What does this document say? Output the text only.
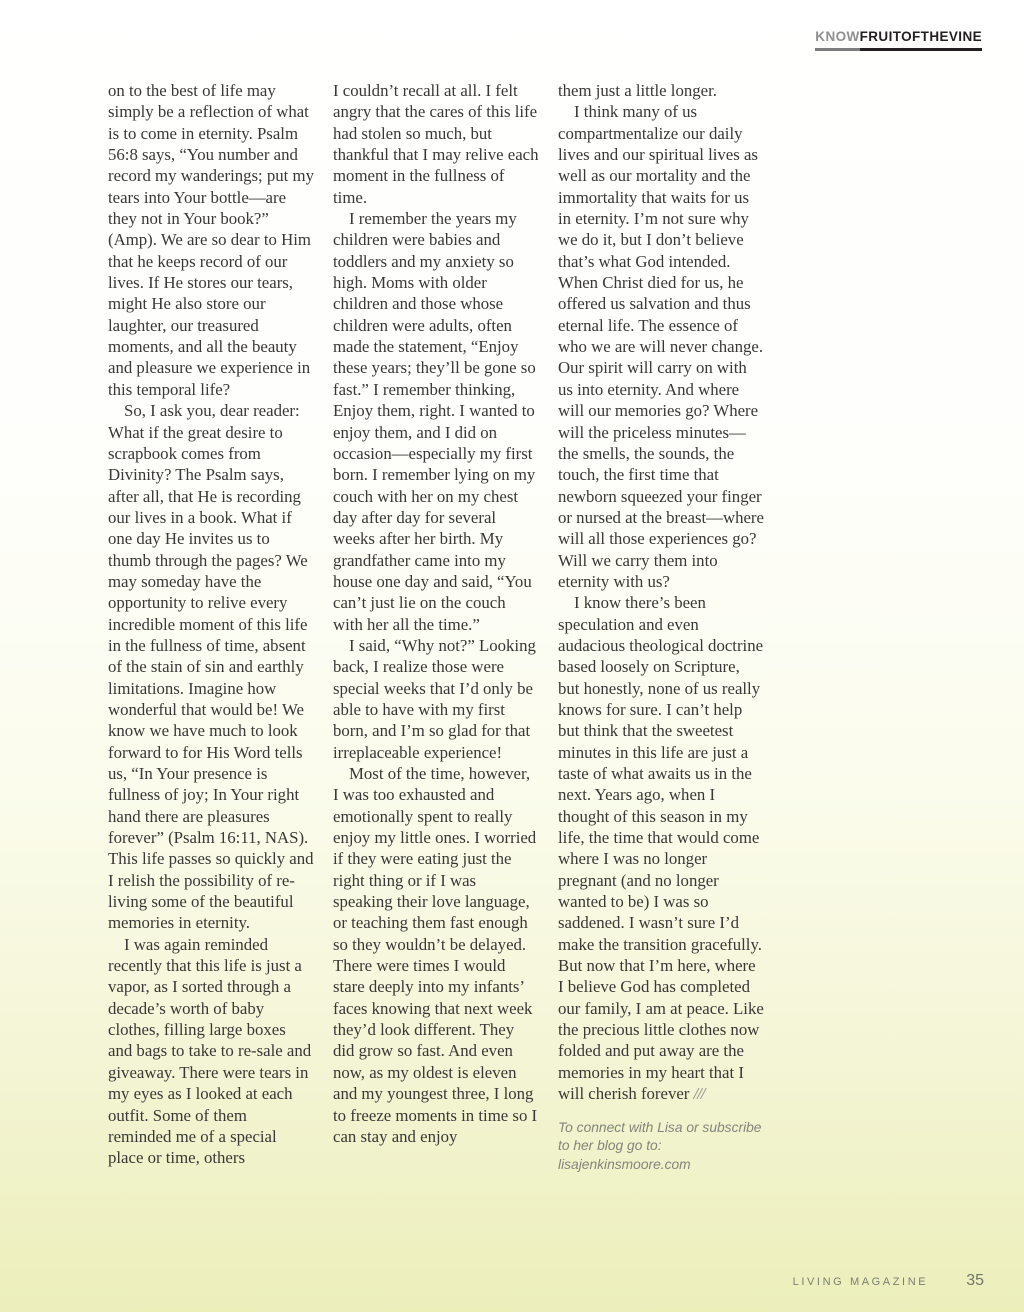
KNOWFRUITOFTHEVINE

on to the best of life may simply be a reflection of what is to come in eternity. Psalm 56:8 says, “You number and record my wanderings; put my tears into Your bottle—are they not in Your book?” (Amp). We are so dear to Him that he keeps record of our lives. If He stores our tears, might He also store our laughter, our treasured moments, and all the beauty and pleasure we experience in this temporal life?

So, I ask you, dear reader: What if the great desire to scrapbook comes from Divinity? The Psalm says, after all, that He is recording our lives in a book. What if one day He invites us to thumb through the pages? We may someday have the opportunity to relive every incredible moment of this life in the fullness of time, absent of the stain of sin and earthly limitations. Imagine how wonderful that would be! We know we have much to look forward to for His Word tells us, “In Your presence is fullness of joy; In Your right hand there are pleasures forever” (Psalm 16:11, NAS). This life passes so quickly and I relish the possibility of re-living some of the beautiful memories in eternity.

I was again reminded recently that this life is just a vapor, as I sorted through a decade’s worth of baby clothes, filling large boxes and bags to take to re-sale and giveaway. There were tears in my eyes as I looked at each outfit. Some of them reminded me of a special place or time, others

I couldn’t recall at all. I felt angry that the cares of this life had stolen so much, but thankful that I may relive each moment in the fullness of time.

I remember the years my children were babies and toddlers and my anxiety so high. Moms with older children and those whose children were adults, often made the statement, “Enjoy these years; they’ll be gone so fast.” I remember thinking, Enjoy them, right. I wanted to enjoy them, and I did on occasion—especially my first born. I remember lying on my couch with her on my chest day after day for several weeks after her birth. My grandfather came into my house one day and said, “You can’t just lie on the couch with her all the time.”

I said, “Why not?” Looking back, I realize those were special weeks that I’d only be able to have with my first born, and I’m so glad for that irreplaceable experience!

Most of the time, however, I was too exhausted and emotionally spent to really enjoy my little ones. I worried if they were eating just the right thing or if I was speaking their love language, or teaching them fast enough so they wouldn’t be delayed. There were times I would stare deeply into my infants’ faces knowing that next week they’d look different. They did grow so fast. And even now, as my oldest is eleven and my youngest three, I long to freeze moments in time so I can stay and enjoy

them just a little longer.

I think many of us compartmentalize our daily lives and our spiritual lives as well as our mortality and the immortality that waits for us in eternity. I’m not sure why we do it, but I don’t believe that’s what God intended. When Christ died for us, he offered us salvation and thus eternal life. The essence of who we are will never change. Our spirit will carry on with us into eternity. And where will our memories go? Where will the priceless minutes—the smells, the sounds, the touch, the first time that newborn squeezed your finger or nursed at the breast—where will all those experiences go? Will we carry them into eternity with us?

I know there’s been speculation and even audacious theological doctrine based loosely on Scripture, but honestly, none of us really knows for sure. I can’t help but think that the sweetest minutes in this life are just a taste of what awaits us in the next. Years ago, when I thought of this season in my life, the time that would come where I was no longer pregnant (and no longer wanted to be) I was so saddened. I wasn’t sure I’d make the transition gracefully. But now that I’m here, where I believe God has completed our family, I am at peace. Like the precious little clothes now folded and put away are the memories in my heart that I will cherish forever ///

To connect with Lisa or subscribe to her blog go to: lisajenkinsmoore.com
LIVING MAGAZINE 35
